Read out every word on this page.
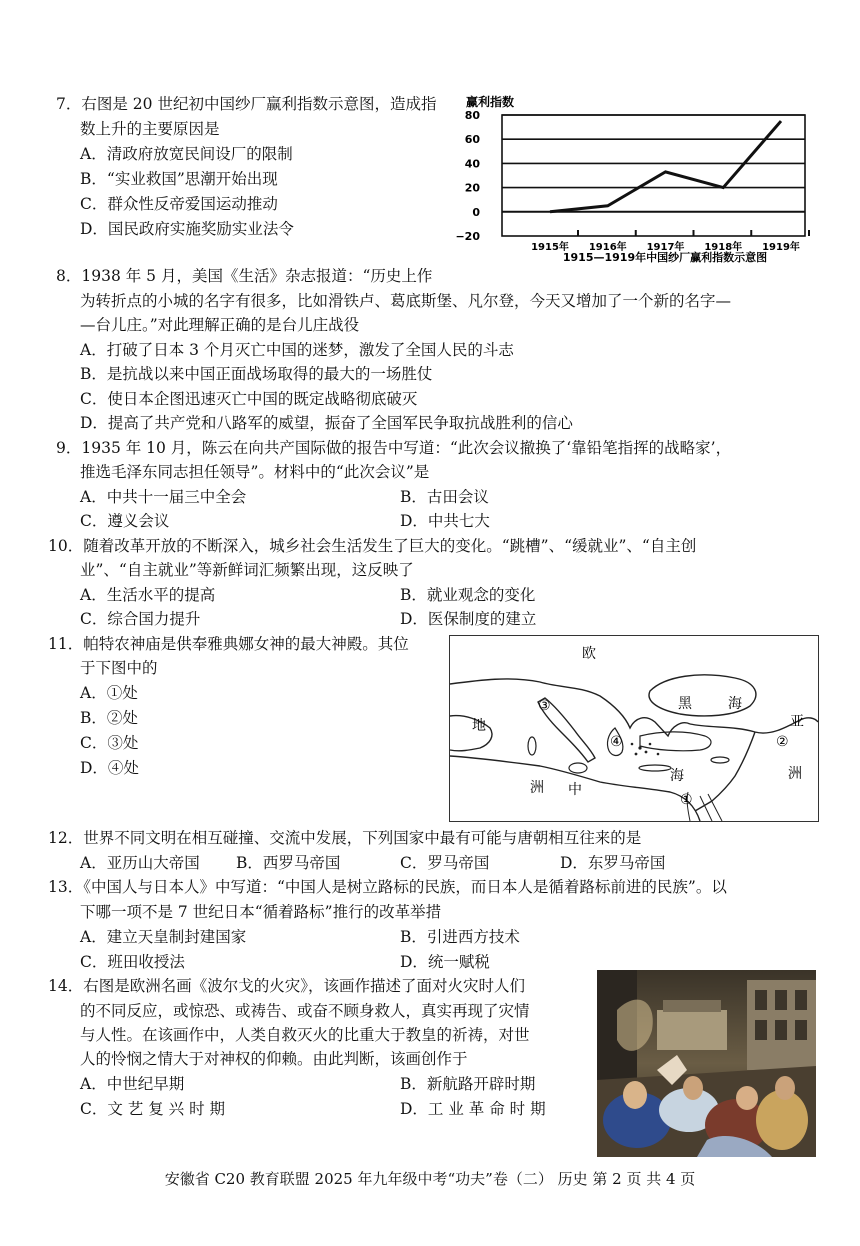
7．右图是 20 世纪初中国纱厂赢利指数示意图，造成指
数上升的主要原因是
A．清政府放宽民间设厂的限制
B．“实业救国”思潮开始出现
C．群众性反帝爱国运动推动
D．国民政府实施奖励实业法令
80
60
40
20
0
−20
1915年 1916年 1917年 1918年 1919年
赢利指数
1915—1919年中国纱厂赢利指数示意图
8．1938 年 5 月，美国《生活》杂志报道：“历史上作
为转折点的小城的名字有很多，比如滑铁卢、葛底斯堡、凡尔登，今天又增加了一个新的名字—
—台儿庄。”对此理解正确的是台儿庄战役
A．打破了日本 3 个月灭亡中国的迷梦，激发了全国人民的斗志
B．是抗战以来中国正面战场取得的最大的一场胜仗
C．使日本企图迅速灭亡中国的既定战略彻底破灭
D．提高了共产党和八路军的威望，振奋了全国军民争取抗战胜利的信心
9．1935 年 10 月，陈云在向共产国际做的报告中写道：“此次会议撤换了‘靠铅笔指挥的战略家’，
推选毛泽东同志担任领导”。材料中的“此次会议”是
A．中共十一届三中全会	B．古田会议
C．遵义会议	D．中共七大
10．随着改革开放的不断深入，城乡社会生活发生了巨大的变化。“跳槽”、“缓就业”、“自主创
业”、“自主就业”等新鲜词汇频繁出现，这反映了
A．生活水平的提高	B．就业观念的变化
C．综合国力提升	D．医保制度的建立
11．帕特农神庙是供奉雅典娜女神的最大神殿。其位
于下图中的
A．①处
B．②处
C．③处
D．④处
欧
黑	海
地	亚
中
海
洲
洲
③
④	②
①
12．世界不同文明在相互碰撞、交流中发展，下列国家中最有可能与唐朝相互往来的是
A．亚历山大帝国 B．西罗马帝国	C．罗马帝国	D．东罗马帝国
13．《中国人与日本人》中写道：“中国人是树立路标的民族，而日本人是循着路标前进的民族”。以
下哪一项不是 7 世纪日本“循着路标”推行的改革举措
A．建立天皇制封建国家	B．引进西方技术
C．班田收授法	D．统一赋税
14．右图是欧洲名画《波尔戈的火灾》，该画作描述了面对火灾时人们
的不同反应，或惊恐、或祷告、或奋不顾身救人，真实再现了灾情
与人性。在该画作中，人类自救灭火的比重大于教皇的祈祷，对世
人的怜悯之情大于对神权的仰赖。由此判断，该画创作于
A．中世纪早期	B．新航路开辟时期
C．文 艺 复 兴 时 期	D．工 业 革 命 时 期
安徽省 C20 教育联盟 2025 年九年级中考“功夫”卷（二） 历史 第 2 页 共 4 页
